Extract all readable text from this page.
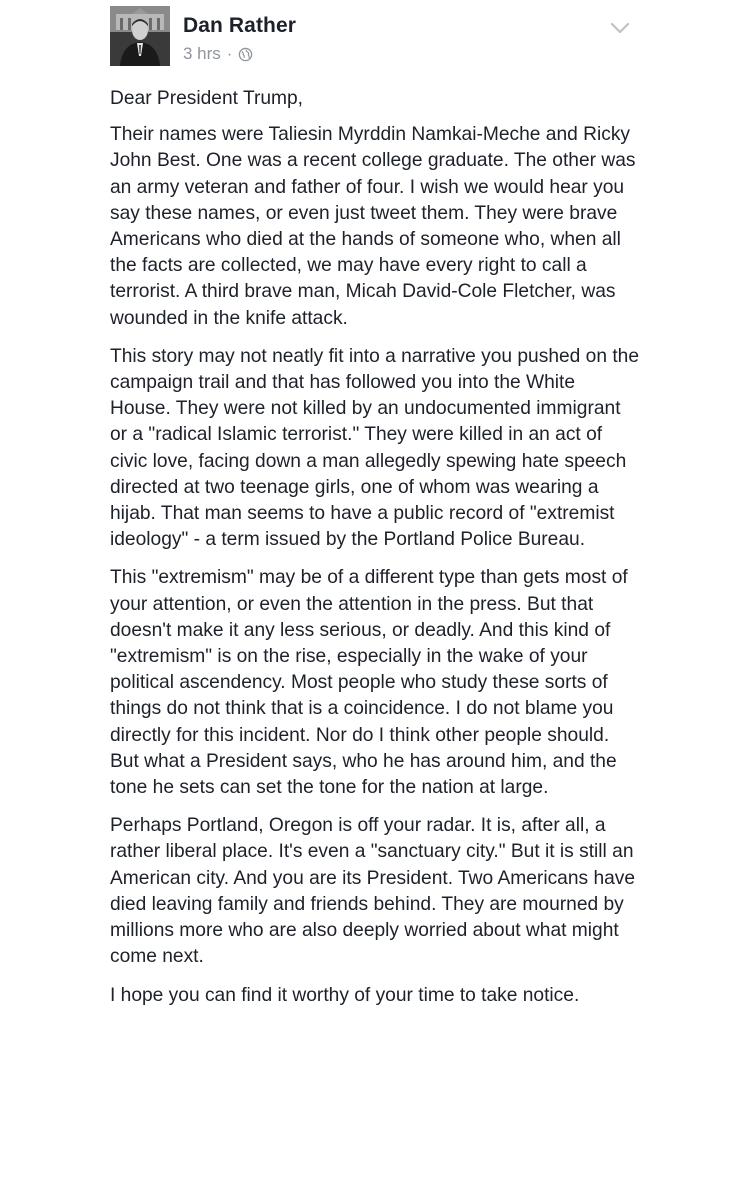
Dan Rather
3 hrs ·

Dear President Trump,

Their names were Taliesin Myrddin Namkai-Meche and Ricky John Best. One was a recent college graduate. The other was an army veteran and father of four. I wish we would hear you say these names, or even just tweet them. They were brave Americans who died at the hands of someone who, when all the facts are collected, we may have every right to call a terrorist. A third brave man, Micah David-Cole Fletcher, was wounded in the knife attack.

This story may not neatly fit into a narrative you pushed on the campaign trail and that has followed you into the White House. They were not killed by an undocumented immigrant or a "radical Islamic terrorist." They were killed in an act of civic love, facing down a man allegedly spewing hate speech directed at two teenage girls, one of whom was wearing a hijab. That man seems to have a public record of "extremist ideology" - a term issued by the Portland Police Bureau.

This "extremism" may be of a different type than gets most of your attention, or even the attention in the press. But that doesn't make it any less serious, or deadly. And this kind of "extremism" is on the rise, especially in the wake of your political ascendency. Most people who study these sorts of things do not think that is a coincidence. I do not blame you directly for this incident. Nor do I think other people should. But what a President says, who he has around him, and the tone he sets can set the tone for the nation at large.

Perhaps Portland, Oregon is off your radar. It is, after all, a rather liberal place. It's even a "sanctuary city." But it is still an American city. And you are its President. Two Americans have died leaving family and friends behind. They are mourned by millions more who are also deeply worried about what might come next.

I hope you can find it worthy of your time to take notice.
